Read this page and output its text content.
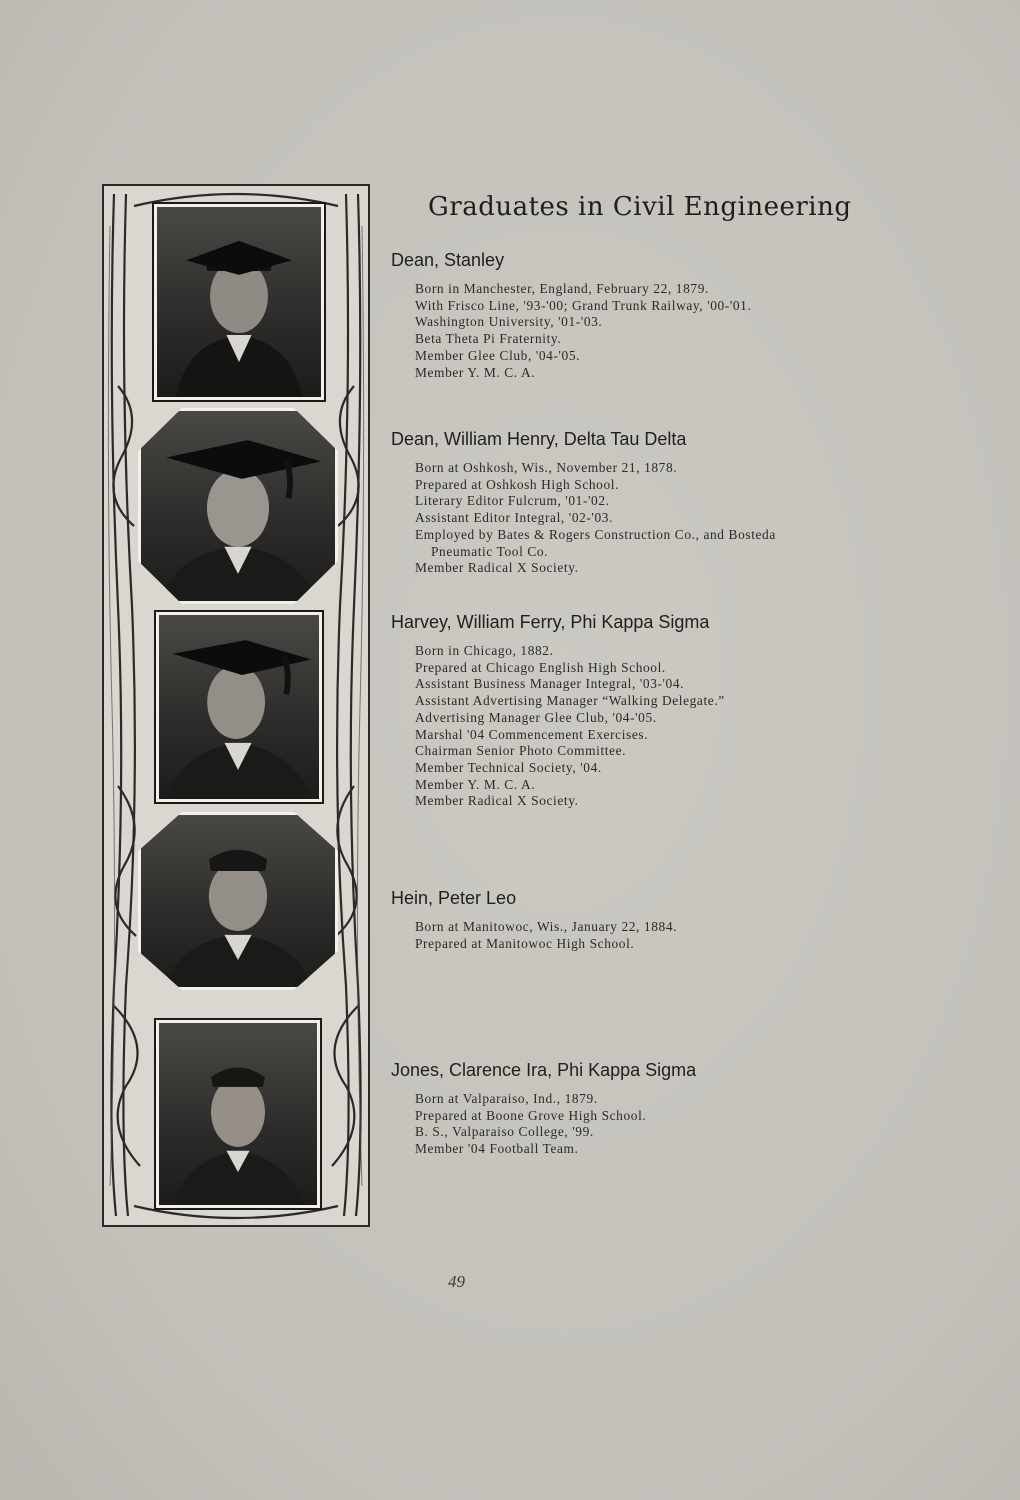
Graduates in Civil Engineering
Dean, Stanley
Born in Manchester, England, February 22, 1879.
With Frisco Line, '93-'00; Grand Trunk Railway, '00-'01.
Washington University, '01-'03.
Beta Theta Pi Fraternity.
Member Glee Club, '04-'05.
Member Y. M. C. A.
Dean, William Henry, Delta Tau Delta
Born at Oshkosh, Wis., November 21, 1878.
Prepared at Oshkosh High School.
Literary Editor Fulcrum, '01-'02.
Assistant Editor Integral, '02-'03.
Employed by Bates & Rogers Construction Co., and Bosteda
Pneumatic Tool Co.
Member Radical X Society.
Harvey, William Ferry, Phi Kappa Sigma
Born in Chicago, 1882.
Prepared at Chicago English High School.
Assistant Business Manager Integral, '03-'04.
Assistant Advertising Manager “Walking Delegate.”
Advertising Manager Glee Club, '04-'05.
Marshal '04 Commencement Exercises.
Chairman Senior Photo Committee.
Member Technical Society, '04.
Member Y. M. C. A.
Member Radical X Society.
Hein, Peter Leo
Born at Manitowoc, Wis., January 22, 1884.
Prepared at Manitowoc High School.
Jones, Clarence Ira, Phi Kappa Sigma
Born at Valparaiso, Ind., 1879.
Prepared at Boone Grove High School.
B. S., Valparaiso College, '99.
Member '04 Football Team.
49
